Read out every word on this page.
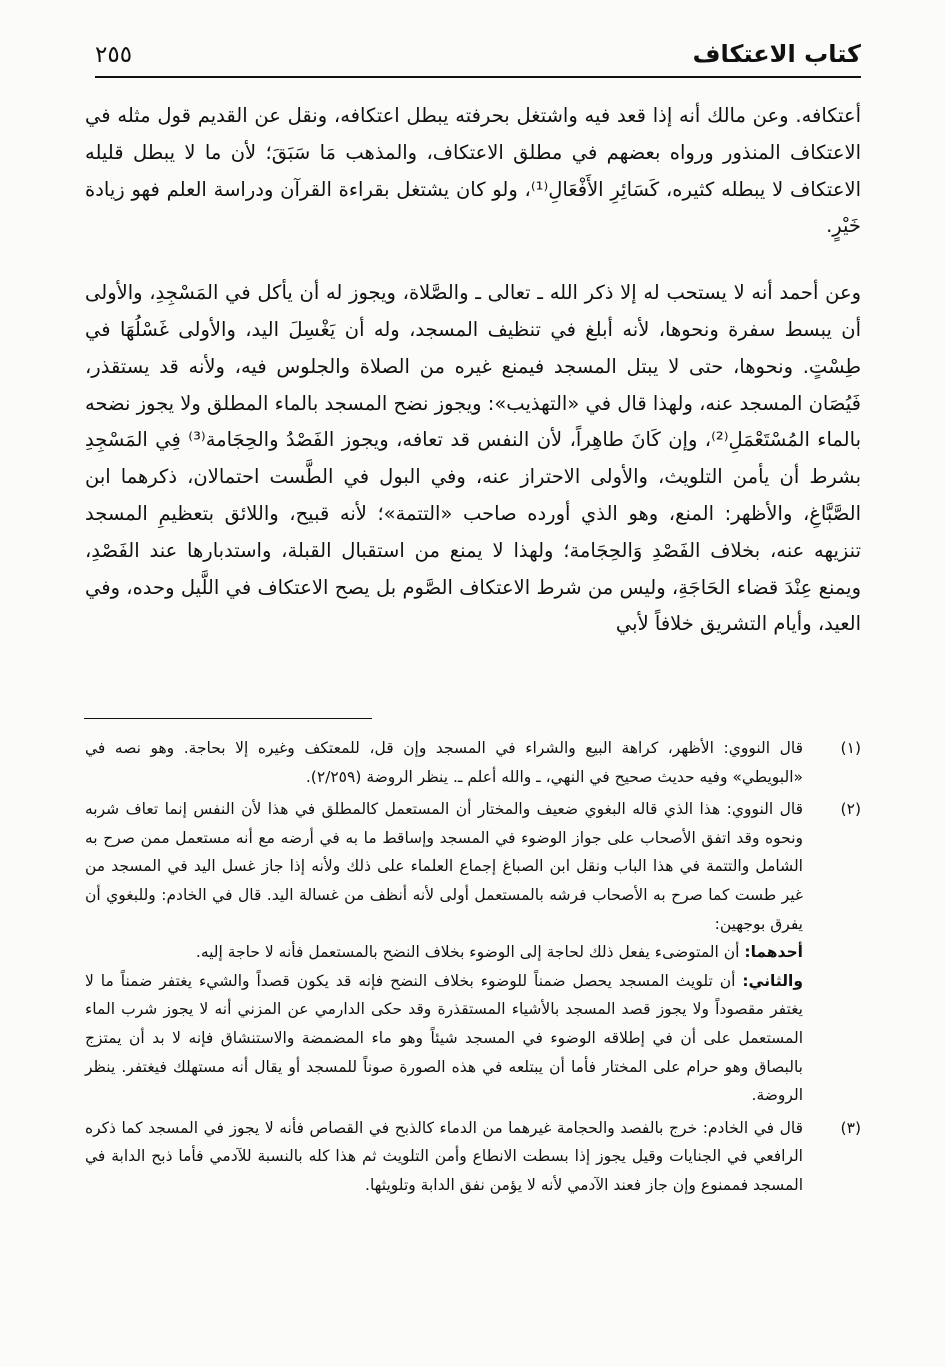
كتاب الاعتكاف
٢٥٥

أعتكافه. وعن مالك أنه إذا قعد فيه واشتغل بحرفته يبطل اعتكافه، ونقل عن القديم قول مثله في الاعتكاف المنذور ورواه بعضهم في مطلق الاعتكاف، والمذهب مَا سَبَقَ؛ لأن ما لا يبطل قليله الاعتكاف لا يبطله كثيره، كَسَائِرِ الأَفْعَالِ⁽¹⁾، ولو كان يشتغل بقراءة القرآن ودراسة العلم فهو زيادة خَيْرٍ.

وعن أحمد أنه لا يستحب له إلا ذكر الله ـ تعالى ـ والصَّلاة، ويجوز له أن يأكل في المَسْجِدِ، والأولى أن يبسط سفرة ونحوها، لأنه أبلغ في تنظيف المسجد، وله أن يَغْسِلَ اليد، والأولى غَسْلُهَا في طِسْتٍ. ونحوها، حتى لا يبتل المسجد فيمنع غيره من الصلاة والجلوس فيه، ولأنه قد يستقذر، فَيُصَان المسجد عنه، ولهذا قال في «التهذيب»: ويجوز نضح المسجد بالماء المطلق ولا يجوز نضحه بالماء المُسْتَعْمَلِ⁽²⁾، وإن كَانَ طاهِراً، لأن النفس قد تعافه، ويجوز الفَصْدُ والحِجَامة⁽³⁾ فِي المَسْجِدِ بشرط أن يأمن التلويث، والأولى الاحتراز عنه، وفي البول في الطَّست احتمالان، ذكرهما ابن الصَّبَّاغِ، والأظهر: المنع، وهو الذي أورده صاحب «التتمة»؛ لأنه قبيح، واللائق بتعظيمِ المسجد تنزيهه عنه، بخلاف الفَصْدِ وَالحِجَامة؛ ولهذا لا يمنع من استقبال القبلة، واستدبارها عند الفَصْدِ، ويمنع عِنْدَ قضاء الحَاجَةِ، وليس من شرط الاعتكاف الصَّوم بل يصح الاعتكاف في اللَّيل وحده، وفي العيد، وأيام التشريق خلافاً لأبي

(١)

قال النووي: الأظهر، كراهة البيع والشراء في المسجد وإن قل، للمعتكف وغيره إلا بحاجة. وهو نصه في «البويطي» وفيه حديث صحيح في النهي، ـ والله أعلم ـ. ينظر الروضة (٢/٢٥٩).

(٢)

قال النووي: هذا الذي قاله البغوي ضعيف والمختار أن المستعمل كالمطلق في هذا لأن النفس إنما تعاف شربه ونحوه وقد اتفق الأصحاب على جواز الوضوء في المسجد وإساقط ما به في أرضه مع أنه مستعمل ممن صرح به الشامل والتتمة في هذا الباب ونقل ابن الصباغ إجماع العلماء على ذلك ولأنه إذا جاز غسل اليد في المسجد من غير طست كما صرح به الأصحاب فرشه بالمستعمل أولى لأنه أنظف من غسالة اليد. قال في الخادم: وللبغوي أن يفرق بوجهين:

أحدهما: أن المتوضىء يفعل ذلك لحاجة إلى الوضوء بخلاف النضح بالمستعمل فأنه لا حاجة إليه.

والثاني: أن تلويث المسجد يحصل ضمناً للوضوء بخلاف النضح فإنه قد يكون قصداً والشيء يغتفر ضمناً ما لا يغتفر مقصوداً ولا يجوز قصد المسجد بالأشياء المستقذرة وقد حكى الدارمي عن المزني أنه لا يجوز شرب الماء المستعمل على أن في إطلاقه الوضوء في المسجد شيئاً وهو ماء المضمضة والاستنشاق فإنه لا بد أن يمتزج بالبصاق وهو حرام على المختار فأما أن يبتلعه في هذه الصورة صوناً للمسجد أو يقال أنه مستهلك فيغتفر. ينظر الروضة.

(٣)

قال في الخادم: خرج بالفصد والحجامة غيرهما من الدماء كالذبح في القصاص فأنه لا يجوز في المسجد كما ذكره الرافعي في الجنايات وقيل يجوز إذا بسطت الانطاع وأمن التلويث ثم هذا كله بالنسبة للآدمي فأما ذبح الدابة في المسجد فممنوع وإن جاز فعند الآدمي لأنه لا يؤمن نفق الدابة وتلويثها.
